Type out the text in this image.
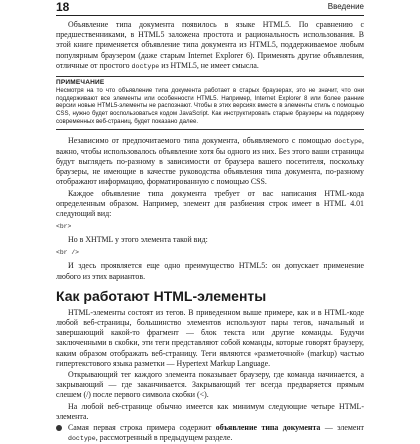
18	Введение

Объявление типа документа появилось в языке HTML5. По сравнению с предшественниками, в HTML5 заложена простота и рациональность использования. В этой книге применяется объявление типа документа из HTML5, поддерживаемое любым популярным браузером (даже старым Internet Explorer 6). Применять другие объявления, отличные от простого doctype из HTML5, не имеет смысла.

ПРИМЕЧАНИЕ

Несмотря на то что объявление типа документа работает в старых браузерах, это не значит, что они поддерживают все элементы или особенности HTML5. Например, Internet Explorer 8 или более ранние версии новые HTML5-элементы не распознают. Чтобы в этих версиях вместе в элементы стиль с помощью CSS, нужно будет воспользоваться кодом JavaScript. Как инструктировать старые браузеры на поддержку современных веб-страниц, будет показано далее.

Независимо от предпочитаемого типа документа, объявляемого с помощью doctype, важно, чтобы использовалось объявление хотя бы одного из них. Без этого ваши страницы будут выглядеть по-разному в зависимости от браузера вашего посетителя, поскольку браузеры, не имеющие в качестве руководства объявления типа документа, по-разному отображают информацию, форматированную с помощью CSS.

Каждое объявление типа документа требует от вас написания HTML-кода определенным образом. Например, элемент для разбиения строк имеет в HTML 4.01 следующий вид:

<br>

Но в XHTML у этого элемента такой вид:

<br />

И здесь проявляется еще одно преимущество HTML5: он допускает применение любого из этих вариантов.

Как работают HTML-элементы

HTML-элементы состоят из тегов. В приведенном выше примере, как и в HTML-коде любой веб-страницы, большинство элементов используют пары тегов, начальный и завершающий какой-то фрагмент — блок текста или другие команды. Будучи заключенными в скобки, эти теги представляют собой команды, которые говорят браузеру, каким образом отображать веб-страницу. Теги являются «разметочной» (markup) частью гипертекстового языка разметки — Hypertext Markup Language.

Открывающий тег каждого элемента показывает браузеру, где команда начинается, а закрывающий — где заканчивается. Закрывающий тег всегда предваряется прямым слешем (/) после первого символа скобки (<).

На любой веб-странице обычно имеется как минимум следующие четыре HTML-элемента.

Самая первая строка примера содержит объявление типа документа — элемент doctype, рассмотренный в предыдущем разделе.
